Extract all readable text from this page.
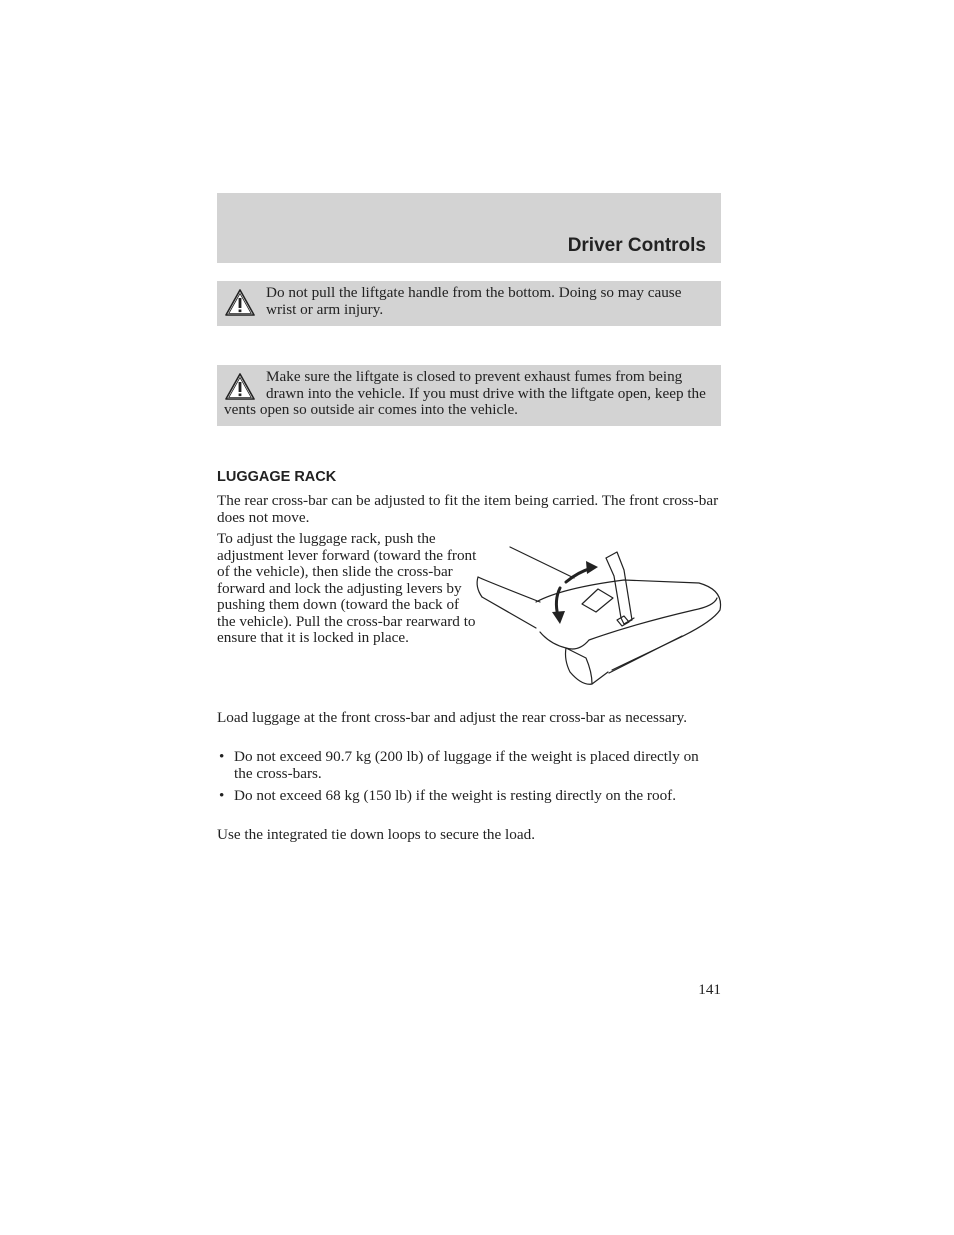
Driver Controls
Do not pull the liftgate handle from the bottom. Doing so may cause wrist or arm injury.
Make sure the liftgate is closed to prevent exhaust fumes from being drawn into the vehicle. If you must drive with the liftgate open, keep the vents open so outside air comes into the vehicle.
LUGGAGE RACK

The rear cross-bar can be adjusted to fit the item being carried. The front cross-bar does not move.

To adjust the luggage rack, push the adjustment lever forward (toward the front of the vehicle), then slide the cross-bar forward and lock the adjusting levers by pushing them down (toward the back of the vehicle). Pull the cross-bar rearward to ensure that it is locked in place.

Load luggage at the front cross-bar and adjust the rear cross-bar as necessary.

• Do not exceed 90.7 kg (200 lb) of luggage if the weight is placed directly on the cross-bars.
• Do not exceed 68 kg (150 lb) if the weight is resting directly on the roof.

Use the integrated tie down loops to secure the load.

141
